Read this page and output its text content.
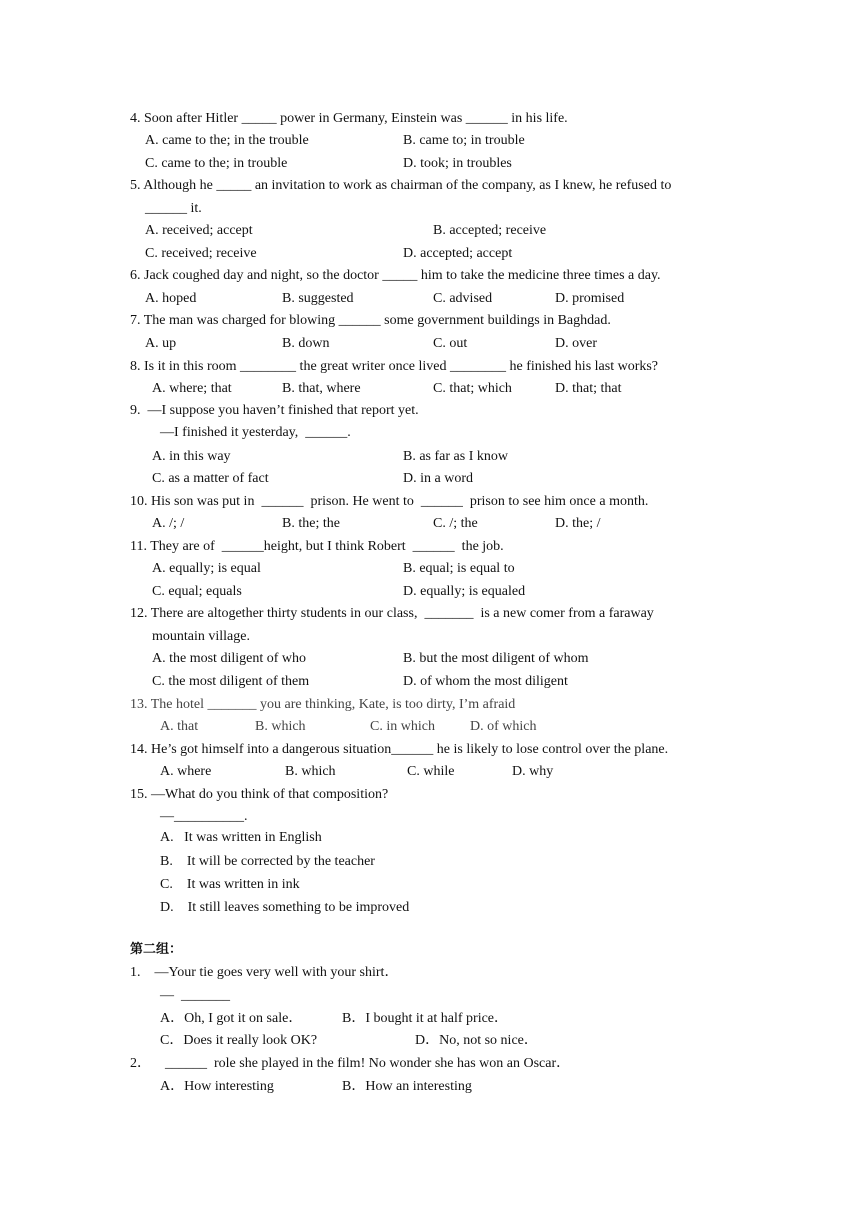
4. Soon after Hitler _____ power in Germany, Einstein was ______ in his life.
A. came to the; in the trouble	B. came to; in trouble
C. came to the; in trouble	D. took; in troubles
5. Although he _____ an invitation to work as chairman of the company, as I knew, he refused to
______ it.
A. received; accept	B. accepted; receive
C. received; receive	D. accepted; accept
6. Jack coughed day and night, so the doctor _____ him to take the medicine three times a day.
A. hoped	B. suggested	C. advised	D. promised
7. The man was charged for blowing ______ some government buildings in Baghdad.
A. up	B. down	C. out	D. over
8. Is it in this room ________ the great writer once lived ________ he finished his last works?
A. where; that	B. that, where	C. that; which	D. that; that
9.  —I suppose you haven’t finished that report yet.
—I finished it yesterday,  ______.
A. in this way	B. as far as I know
C. as a matter of fact	D. in a word
10. His son was put in  ______  prison. He went to  ______  prison to see him once a month.
A. /; /	B. the; the	C. /; the	D. the; /
11. They are of  ______height, but I think Robert  ______  the job.
A. equally; is equal	B. equal; is equal to
C. equal; equals	D. equally; is equaled
12. There are altogether thirty students in our class,  _______  is a new comer from a faraway
mountain village.
A. the most diligent of who	B. but the most diligent of whom
C. the most diligent of them	D. of whom the most diligent
13. The hotel _______ you are thinking, Kate, is too dirty, I’m afraid
A. that	B. which	C. in which	D. of which
14. He’s got himself into a dangerous situation______ he is likely to lose control over the plane.
A. where	B. which	C. while	D. why
15. —What do you think of that composition?
—__________.
A.   It was written in English
B.    It will be corrected by the teacher
C.    It was written in ink
D.    It still leaves something to be improved
第二组：
1.    —Your tie goes very well with your shirt．
—  _______
A．Oh, I got it on sale．	B．I bought it at half price．
C．Does it really look OK?	D．No, not so nice．
2．    ______  role she played in the film! No wonder she has won an Oscar．
A．How interesting	B．How an interesting
